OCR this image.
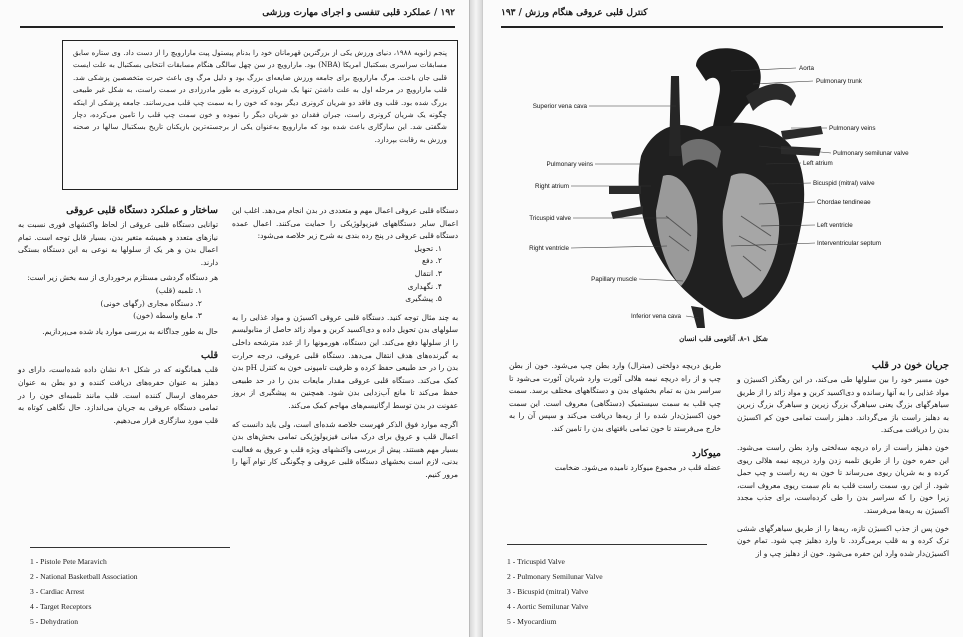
۱۹۲ / عملکرد قلبی تنفسی و اجرای مهارت ورزشی

پنجم ژانویه ۱۹۸۸، دنیای ورزش یکی از بزرگترین قهرمانان خود را بدنام پیستول پیت مارارویچ را از دست داد. وی ستاره سابق مسابقات سراسری بسکتبال امریکا (NBA) بود. مارارویچ در سن چهل سالگی هنگام مسابقات انتخابی بسکتبال به علت ایست قلبی جان باخت. مرگ مارارویچ برای جامعه ورزش ضایعه‌ای بزرگ بود و دلیل مرگ وی باعث حیرت متخصصین پزشکی شد. قلب مارارویچ در مرحله اول به علت داشتن تنها یک شریان کرونری به طور مادرزادی در سمت راست، به شکل غیر طبیعی بزرگ شده بود. قلب وی فاقد دو شریان کرونری دیگر بوده که خون را به سمت چپ قلب می‌رسانند. جامعه پزشکی از اینکه چگونه یک شریان کرونری راست، جبران فقدان دو شریان دیگر را نموده و خون سمت چپ قلب را تامین می‌کرده، دچار شگفتی شد. این سازگاری باعث شده بود که مارارویچ به‌عنوان یکی از برجسته‌ترین بازیکنان تاریخ بسکتبال سالها در صحنه ورزش به رقابت بپردازد.

دستگاه قلبی عروقی اعمال مهم و متعددی در بدن انجام می‌دهد. اغلب این اعمال سایر دستگاههای فیزیولوژیکی را حمایت می‌کنند. اعمال عمده دستگاه قلبی عروقی در پنج رده بندی به شرح زیر خلاصه می‌شود:

۱. تحویل
۲. دفع
۳. انتقال
۴. نگهداری
۵. پیشگیری

به چند مثال توجه کنید. دستگاه قلبی عروقی اکسیژن و مواد غذایی را به سلولهای بدن تحویل داده و دی‌اکسید کربن و مواد زائد حاصل از متابولیسم را از سلولها دفع می‌کند. این دستگاه، هورمونها را از غدد مترشحه داخلی به گیرنده‌های هدف انتقال می‌دهد. دستگاه قلبی عروقی، درجه حرارت بدن را در حد طبیعی حفظ کرده و ظرفیت تامپونی خون به کنترل pH بدن کمک می‌کند. دستگاه قلبی عروقی مقدار مایعات بدن را در حد طبیعی حفظ می‌کند تا مانع آب‌زدایی بدن شود. همچنین به پیشگیری از بروز عفونت در بدن توسط ارگانیسم‌های مهاجم کمک می‌کند.

اگرچه موارد فوق الذکر فهرست خلاصه شده‌ای است، ولی باید دانست که اعمال قلب و عروق برای درک مبانی فیزیولوژیکی تمامی بخش‌های بدن بسیار مهم هستند. پیش از بررسی واکنشهای ویژه قلب و عروق به فعالیت بدنی، لازم است بخشهای دستگاه قلبی عروقی و چگونگی کار توام آنها را مرور کنیم.

ساختار و عملکرد دستگاه قلبی عروقی

توانایی دستگاه قلبی عروقی از لحاظ واکنشهای فوری نسبت به نیازهای متعدد و همیشه متغیر بدن، بسیار قابل توجه است. تمام اعمال بدن و هر یک از سلولها به نوعی به این دستگاه بستگی دارند.

هر دستگاه گردشی مستلزم برخورداری از سه بخش زیر است:

۱. تلمبه (قلب)
۲. دستگاه مجاری (رگهای خونی)
۳. مایع واسطه (خون)

حال به طور جداگانه به بررسی موارد یاد شده می‌پردازیم.

قلب

قلب همانگونه که در شکل ۱-۸ نشان داده شده‌است، دارای دو دهلیز به عنوان حفره‌های دریافت کننده و دو بطن به عنوان حفره‌های ارسال کننده است. قلب مانند تلمبه‌ای خون را در تمامی دستگاه عروقی به جریان می‌اندازد. حال نگاهی کوتاه به قلب مورد سازگاری قرار می‌دهیم.

1 - Pistole Pete Maravich
2 - National Basketball Association
3 - Cardiac Arrest
4 - Target Receptors
5 - Dehydration
کنترل قلبی عروقی هنگام ورزش / ۱۹۳
Aorta
Pulmonary trunk
Pulmonary veins
Pulmonary semilunar valve
Left atrium
Bicuspid (mitral) valve
Chordae tendineae
Left ventricle
Interventricular septum
Superior vena cava
Pulmonary veins
Right atrium
Tricuspid valve
Right ventricle
Papillary muscle
Inferior vena cava
شکل ۱-۸. آناتومی قلب انسان
جریان خون در قلب

خون مسیر خود را بین سلولها طی می‌کند، در این رهگذر اکسیژن و مواد غذایی را به آنها رسانده و دی‌اکسید کربن و مواد زائد را از طریق سیاهرگهای بزرگ یعنی سیاهرگ بزرگ زیرین و سیاهرگ بزرگ زبرین به دهلیز راست باز می‌گرداند. دهلیز راست تمامی خون کم اکسیژن بدن را دریافت می‌کند.

خون دهلیز راست از راه دریچه سه‌لختی وارد بطن راست می‌شود. این حفره خون را از طریق تلمبه زدن وارد دریچه نیمه هلالی ریوی کرده و به شریان ریوی می‌رساند تا خون به ریه راست و چپ حمل شود. از این رو، سمت راست قلب به نام سمت ریوی معروف است، زیرا خون را که سراسر بدن را طی کرده‌است، برای جذب مجدد اکسیژن به ریه‌ها می‌فرستد.

خون پس از جذب اکسیژن تازه، ریه‌ها را از طریق سیاهرگهای ششی ترک کرده و به قلب برمی‌گردد. تا وارد دهلیز چپ شود. تمام خون اکسیژن‌دار شده وارد این حفره می‌شود. خون از دهلیز چپ و از

طریق دریچه دولختی (میترال) وارد بطن چپ می‌شود. خون از بطن چپ و از راه دریچه نیمه هلالی آئورت وارد شریان آئورت می‌شود تا سراسر بدن به تمام بخشهای بدن و دستگاههای مختلف برسد. سمت چپ قلب به سمت سیستمیک (دستگاهی) معروف است. این سمت خون اکسیژن‌دار شده را از ریه‌ها دریافت می‌کند و سپس آن را به خارج می‌فرستد تا خون تمامی بافتهای بدن را تامین کند.

میوکارد

عضله قلب در مجموع میوکارد نامیده می‌شود. ضخامت

1 - Tricuspid Valve
2 - Pulmonary Semilunar Valve
3 - Bicuspid (mitral) Valve
4 - Aortic Semilunar Valve
5 - Myocardium
